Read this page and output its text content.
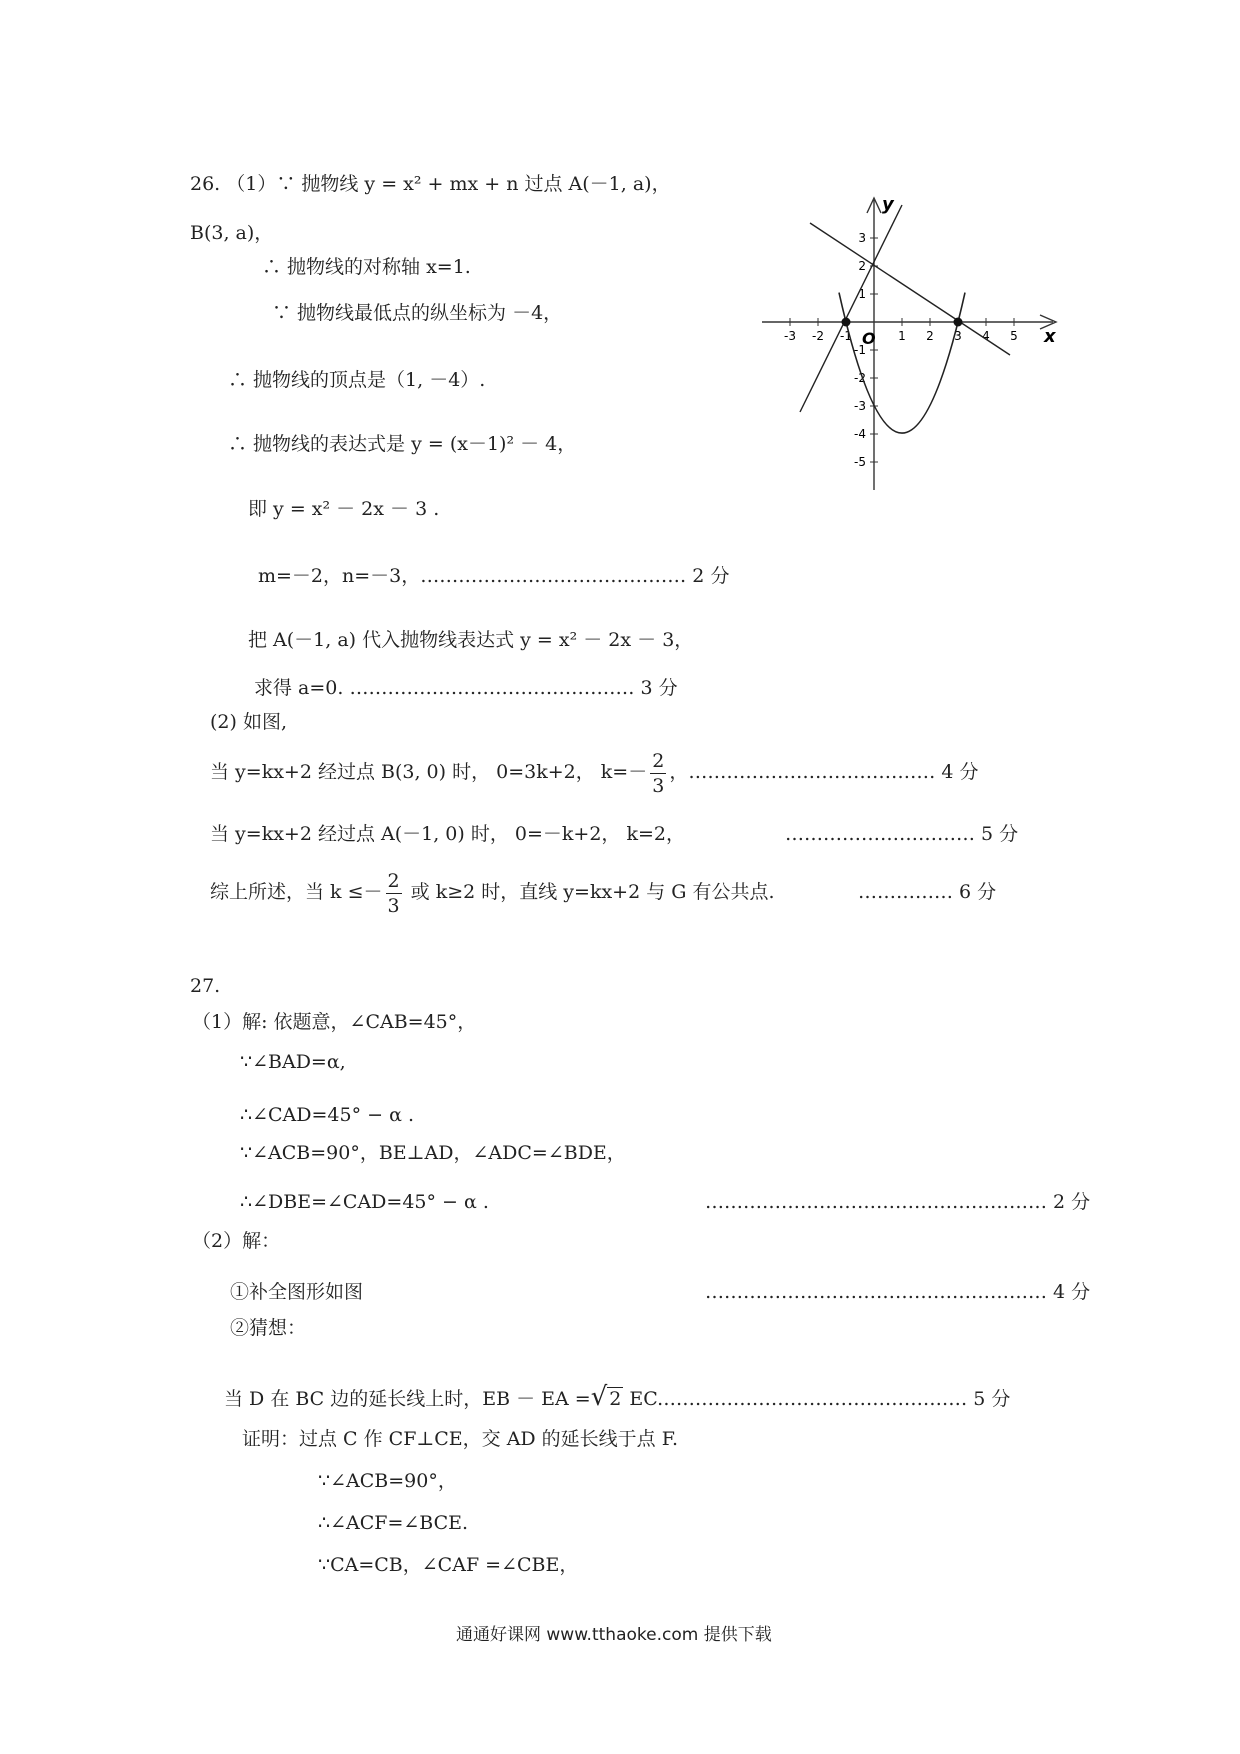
26. （1）∵ 抛物线 y = x² + mx + n 过点 A(－1, a)，
B(3, a)，
∴ 抛物线的对称轴 x=1.
∵ 抛物线最低点的纵坐标为 －4，
∴ 抛物线的顶点是（1, －4）.
∴ 抛物线的表达式是 y = (x－1)² － 4，
即 y = x² － 2x － 3 .
m=－2，n=－3，…………………………………… 2 分
把 A(－1, a) 代入抛物线表达式 y = x² － 2x － 3，
求得 a=0. ……………………………………… 3 分
(2) 如图,
当 y=kx+2 经过点 B(3, 0) 时， 0=3k+2， $k=- \frac{2}{3}$ ，………………………………… 4 分
当 y=kx+2 经过点 A(－1, 0) 时， 0=－k+2， k=2，	………………………… 5 分
综上所述，当 $k \le- \frac{2}{3}$ 或 k≥2 时，直线 y=kx+2 与 G 有公共点.	…………… 6 分
-3 -2 -1	1 2 3 4 5
3
2
1
-1
-2
-3
-4
-5
x
y
O
27.
（1）解: 依题意，∠CAB=45°，
∵∠BAD=α,
∴∠CAD=45° − α .
∵∠ACB=90°，BE⊥AD，∠ADC=∠BDE，
∴∠DBE=∠CAD=45° − α .	……………………………………………… 2 分
（2）解：
①补全图形如图	……………………………………………… 4 分
②猜想：
当 D 在 BC 边的延长线上时，EB － EA =√ 2 EC.………………………………………… 5 分
证明：过点 C 作 CF⊥CE，交 AD 的延长线于点 F.
∵∠ACB=90°，
∴∠ACF=∠BCE.
∵CA=CB，∠CAF =∠CBE，
通通好课网 www.tthaoke.com 提供下载
